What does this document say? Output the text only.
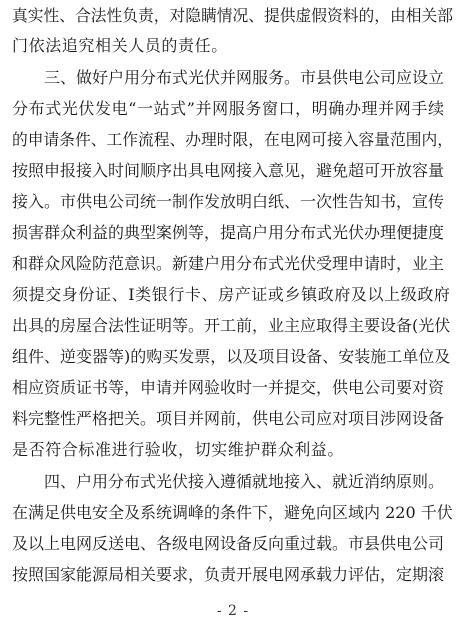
真实性、合法性负责，对隐瞒情况、提供虚假资料的，由相关部
门依法追究相关人员的责任。
三、做好户用分布式光伏并网服务。市县供电公司应设立
分布式光伏发电“一站式”并网服务窗口，明确办理并网手续
的申请条件、工作流程、办理时限，在电网可接入容量范围内，
按照申报接入时间顺序出具电网接入意见，避免超可开放容量
接入。市供电公司统一制作发放明白纸、一次性告知书，宣传
损害群众利益的典型案例等，提高户用分布式光伏办理便捷度
和群众风险防范意识。新建户用分布式光伏受理申请时，业主
须提交身份证、Ⅰ类银行卡、房产证或乡镇政府及以上级政府
出具的房屋合法性证明等。开工前，业主应取得主要设备(光伏
组件、逆变器等)的购买发票，以及项目设备、安装施工单位及
相应资质证书等，申请并网验收时一并提交，供电公司要对资
料完整性严格把关。项目并网前，供电公司应对项目涉网设备
是否符合标准进行验收，切实维护群众利益。
四、户用分布式光伏接入遵循就地接入、就近消纳原则。
在满足供电安全及系统调峰的条件下，避免向区域内 220 千伏
及以上电网反送电、各级电网设备反向重过载。市县供电公司
按照国家能源局相关要求，负责开展电网承载力评估，定期滚
- 2 -
